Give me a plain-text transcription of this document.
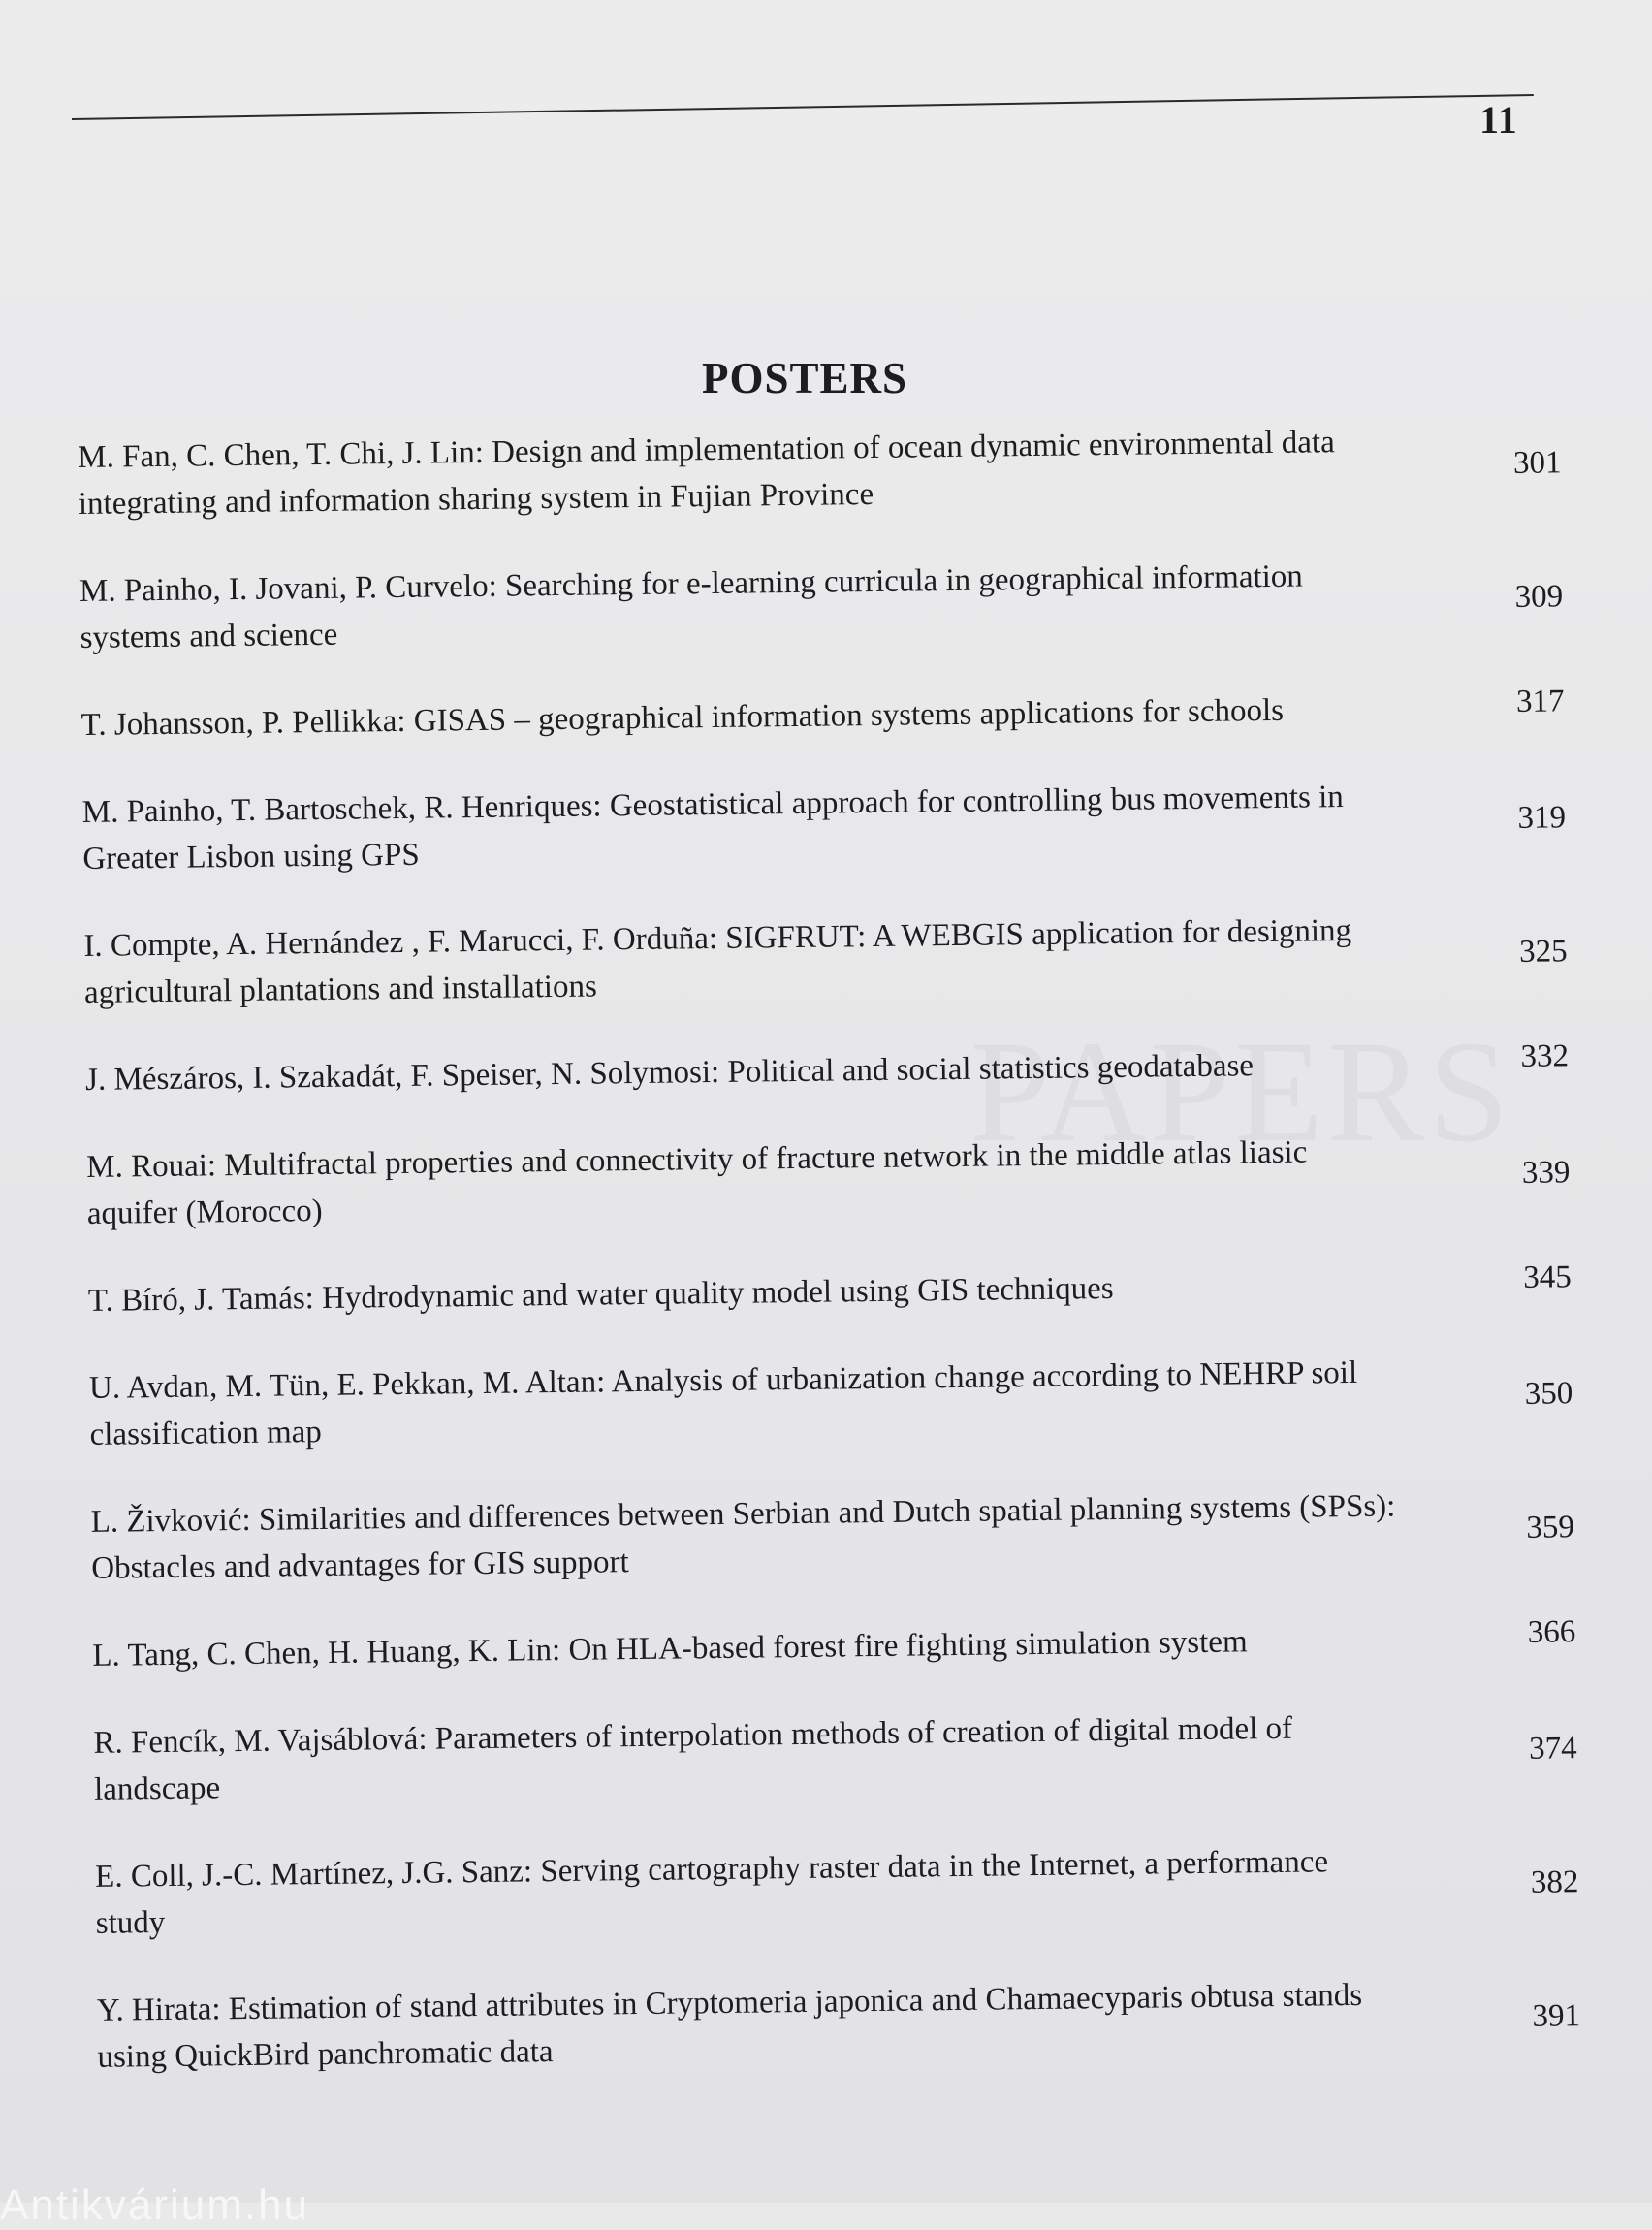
11
PAPERS
POSTERS
M. Fan, C. Chen, T. Chi, J. Lin: Design and implementation of ocean dynamic environmental data
integrating and information sharing system in Fujian Province
301
M. Painho, I. Jovani, P. Curvelo: Searching for e-learning curricula in geographical information
systems and science
309
T. Johansson, P. Pellikka: GISAS – geographical information systems applications for schools	317
M. Painho, T. Bartoschek, R. Henriques: Geostatistical approach for controlling bus movements in
Greater Lisbon using GPS
319
I. Compte, A. Hernández , F. Marucci, F. Orduña: SIGFRUT: A WEBGIS application for designing
agricultural plantations and installations
325
J. Mészáros, I. Szakadát, F. Speiser, N. Solymosi: Political and social statistics geodatabase	332
M. Rouai: Multifractal properties and connectivity of fracture network in the middle atlas liasic
aquifer (Morocco)
339
T. Bíró, J. Tamás: Hydrodynamic and water quality model using GIS techniques	345
U. Avdan, M. Tün, E. Pekkan, M. Altan: Analysis of urbanization change according to NEHRP soil
classification map
350
L. Živković: Similarities and differences between Serbian and Dutch spatial planning systems (SPSs):
Obstacles and advantages for GIS support
359
L. Tang, C. Chen, H. Huang, K. Lin: On HLA-based forest fire fighting simulation system	366
R. Fencík, M. Vajsáblová: Parameters of interpolation methods of creation of digital model of
landscape
374
E. Coll, J.-C. Martínez, J.G. Sanz: Serving cartography raster data in the Internet, a performance
study
382
Y. Hirata: Estimation of stand attributes in Cryptomeria japonica and Chamaecyparis obtusa stands
using QuickBird panchromatic data
391
Antikvárium.hu
